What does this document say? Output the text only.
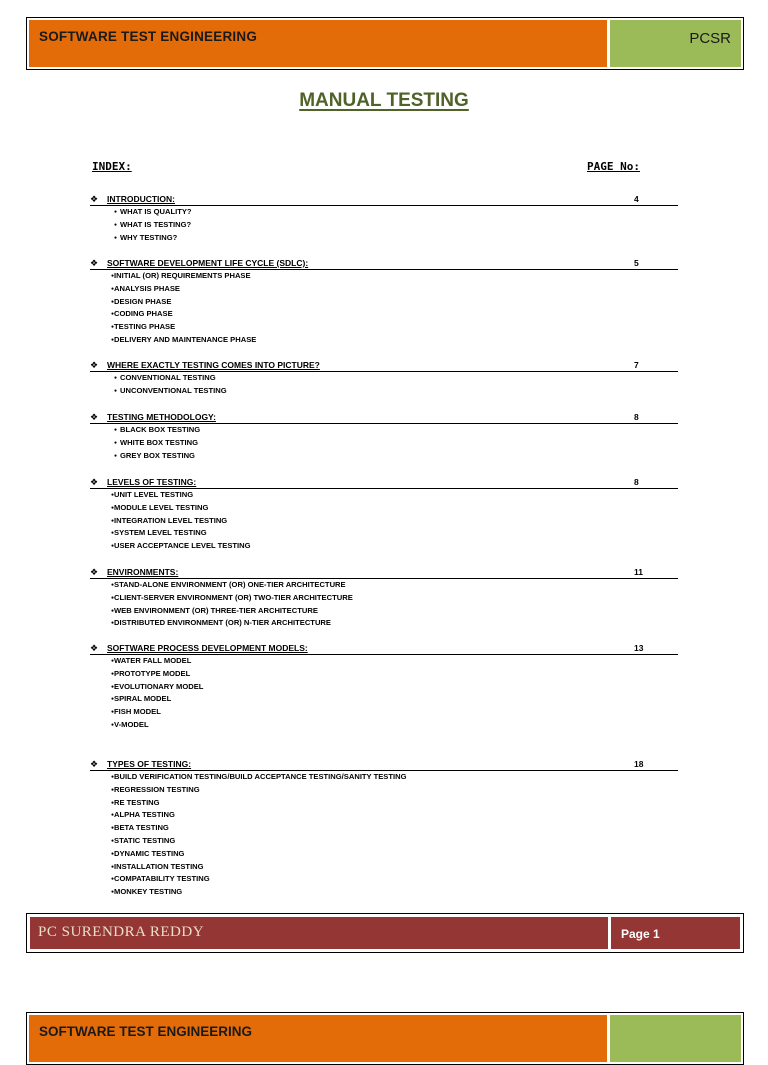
SOFTWARE TEST ENGINEERING	PCSR
MANUAL TESTING
INDEX:	PAGE No:
❖	INTRODUCTION:	4
● WHAT IS QUALITY?
● WHAT IS TESTING?
● WHY TESTING?
❖	SOFTWARE DEVELOPMENT LIFE CYCLE (SDLC):	5
● INITIAL (OR) REQUIREMENTS PHASE
● ANALYSIS PHASE
● DESIGN PHASE
● CODING PHASE
● TESTING PHASE
● DELIVERY AND MAINTENANCE PHASE
❖	WHERE EXACTLY TESTING COMES INTO PICTURE?	7
● CONVENTIONAL TESTING
● UNCONVENTIONAL TESTING
❖	TESTING METHODOLOGY:	8
● BLACK BOX TESTING
● WHITE BOX TESTING
● GREY BOX TESTING
❖	LEVELS OF TESTING:	8
● UNIT LEVEL TESTING
● MODULE LEVEL TESTING
● INTEGRATION LEVEL TESTING
● SYSTEM LEVEL TESTING
● USER ACCEPTANCE LEVEL TESTING
❖	ENVIRONMENTS:	11
● STAND-ALONE ENVIRONMENT (OR) ONE-TIER ARCHITECTURE
● CLIENT-SERVER ENVIRONMENT (OR) TWO-TIER ARCHITECTURE
● WEB ENVIRONMENT (OR) THREE-TIER ARCHITECTURE
● DISTRIBUTED ENVIRONMENT (OR) N-TIER ARCHITECTURE
❖	SOFTWARE PROCESS DEVELOPMENT MODELS:	13
● WATER FALL MODEL
● PROTOTYPE MODEL
● EVOLUTIONARY MODEL
● SPIRAL MODEL
● FISH MODEL
● V-MODEL
❖	TYPES OF TESTING:	18
● BUILD VERIFICATION TESTING/BUILD ACCEPTANCE TESTING/SANITY TESTING
● REGRESSION TESTING
● RE TESTING
● ALPHA TESTING
● BETA TESTING
● STATIC TESTING
● DYNAMIC TESTING
● INSTALLATION TESTING
● COMPATABILITY TESTING
● MONKEY TESTING
PC SURENDRA REDDY	Page 1
SOFTWARE TEST ENGINEERING
